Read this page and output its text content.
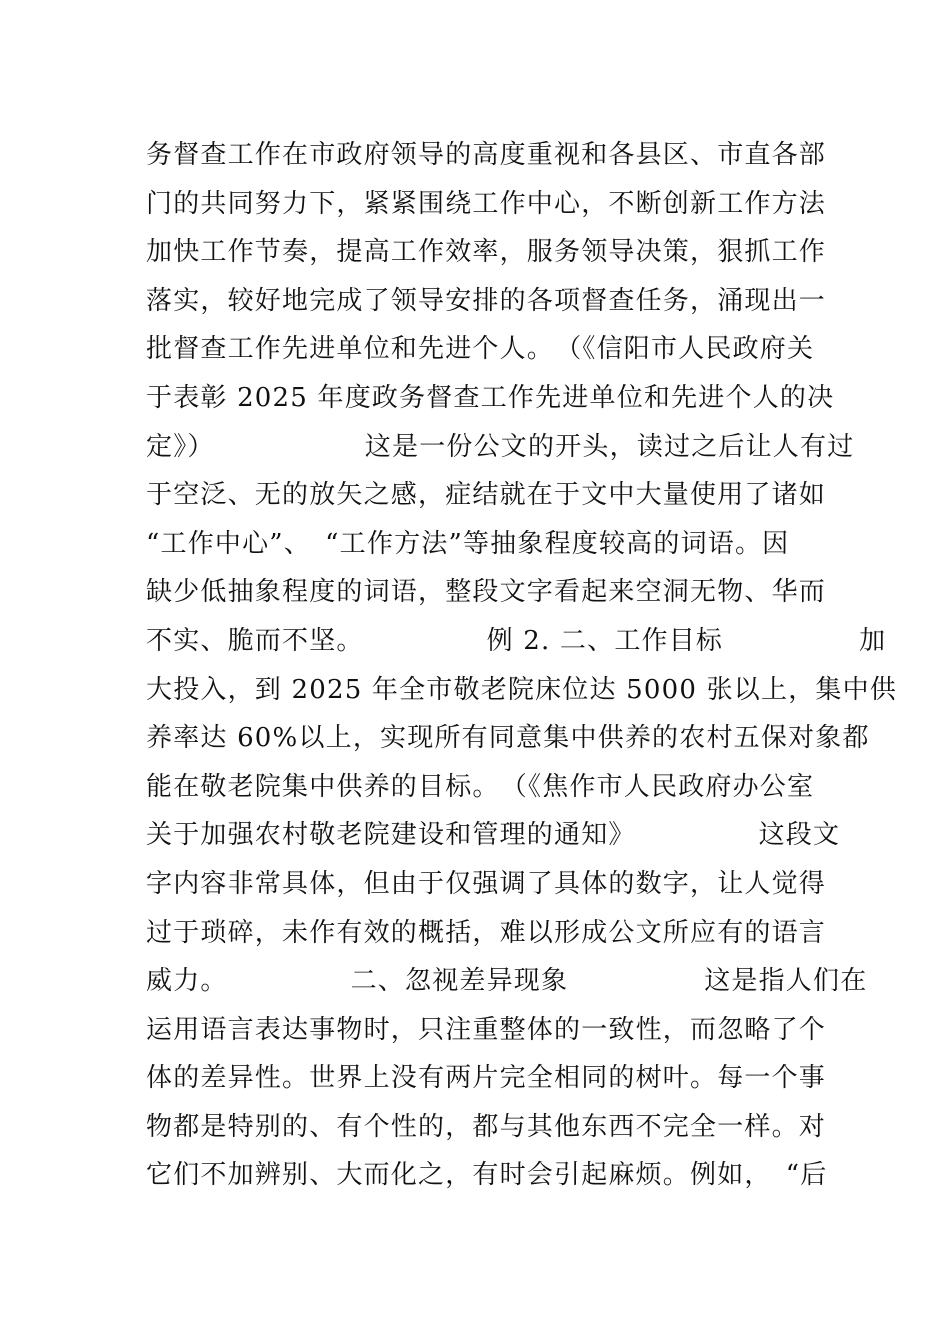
务督查工作在市政府领导的高度重视和各县区、市直各部
门的共同努力下，紧紧围绕工作中心，不断创新工作方法
加快工作节奏，提高工作效率，服务领导决策，狠抓工作
落实，较好地完成了领导安排的各项督查任务，涌现出一
批督查工作先进单位和先进个人。　（《信阳市人民政府关
于表彰 2025 年度政务督查工作先进单位和先进个人的决
定》）　　　　　　这是一份公文的开头，读过之后让人有过
于空泛、无的放矢之感，症结就在于文中大量使用了诸如
“工作中心”、　“工作方法”等抽象程度较高的词语。因
缺少低抽象程度的词语，整段文字看起来空洞无物、华而
不实、脆而不坚。　　　　　例 2. 二、工作目标　　　　　加
大投入，到 2025 年全市敬老院床位达 5000 张以上，集中供
养率达 60%以上，实现所有同意集中供养的农村五保对象都
能在敬老院集中供养的目标。　（《焦作市人民政府办公室
关于加强农村敬老院建设和管理的通知》　　　　　这段文
字内容非常具体，但由于仅强调了具体的数字，让人觉得
过于琐碎，未作有效的概括，难以形成公文所应有的语言
威力。　　　　　二、忽视差异现象　　　　　这是指人们在
运用语言表达事物时，只注重整体的一致性，而忽略了个
体的差异性。世界上没有两片完全相同的树叶。每一个事
物都是特别的、有个性的，都与其他东西不完全一样。对
它们不加辨别、大而化之，有时会引起麻烦。例如，　“后
